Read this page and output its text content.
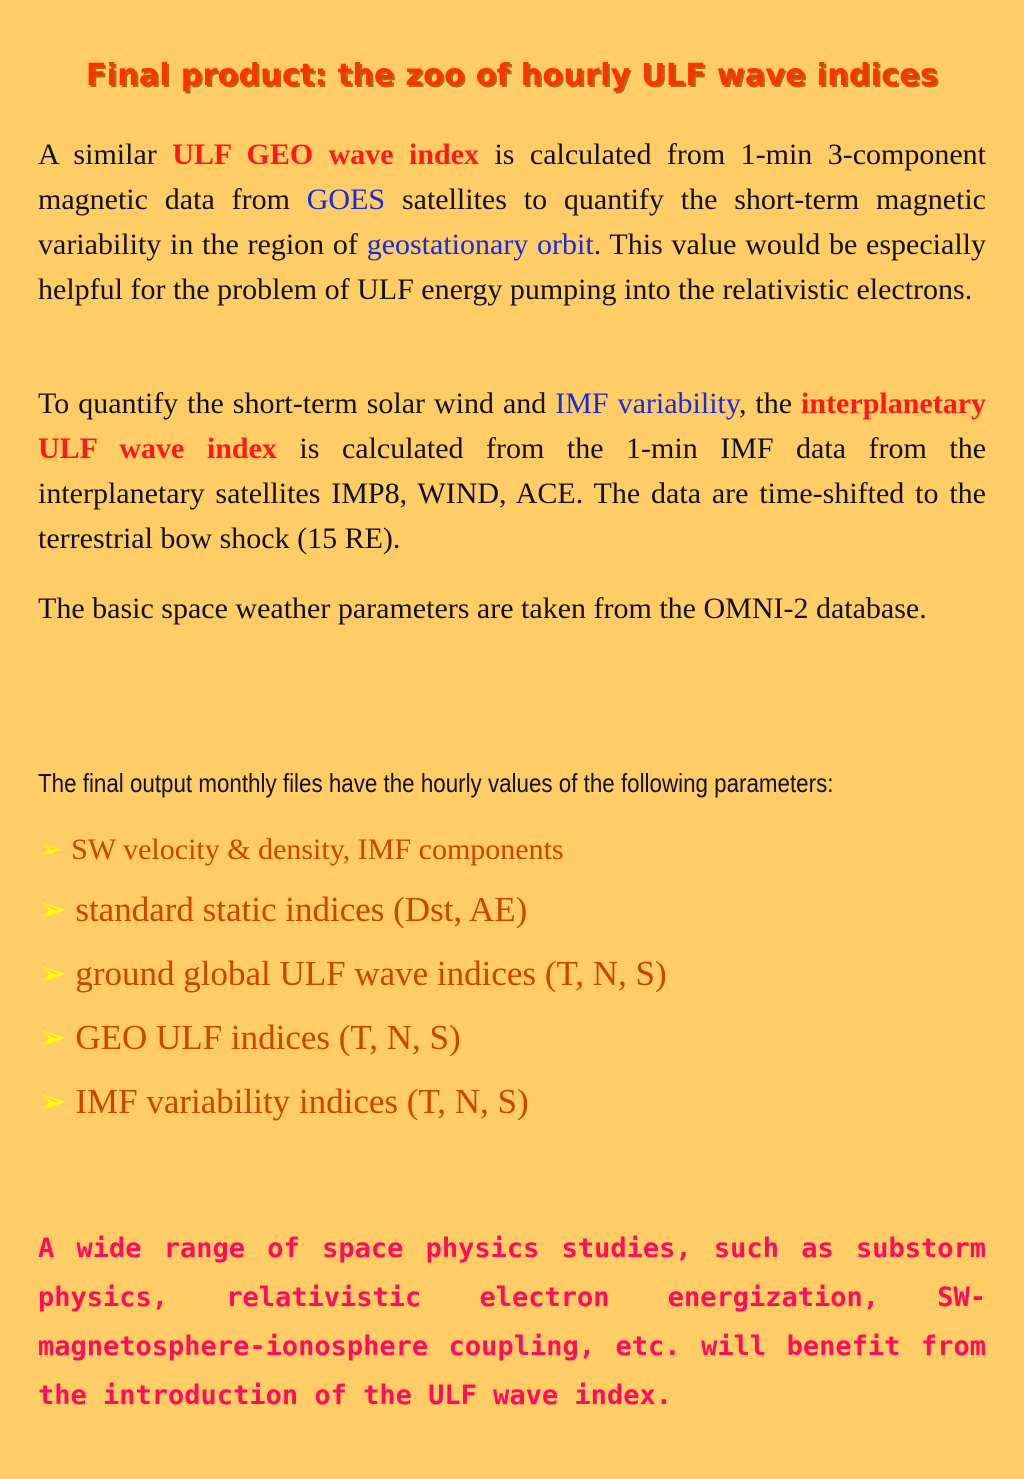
Final product: the zoo of hourly ULF wave indices
A similar ULF GEO wave index is calculated from 1-min 3-component magnetic data from GOES satellites to quantify the short-term magnetic variability in the region of geostationary orbit. This value would be especially helpful for the problem of ULF energy pumping into the relativistic electrons.
To quantify the short-term solar wind and IMF variability, the interplanetary ULF wave index is calculated from the 1-min IMF data from the interplanetary satellites IMP8, WIND, ACE. The data are time-shifted to the terrestrial bow shock (15 RE).
The basic space weather parameters are taken from the OMNI-2 database.
The final output monthly files have the hourly values of the following parameters:
➢ SW velocity & density, IMF components
➢ standard static indices (Dst, AE)
➢ ground global ULF wave indices (T, N, S)
➢ GEO ULF indices (T, N, S)
➢ IMF variability indices (T, N, S)
A wide range of space physics studies, such as substorm physics, relativistic electron energization, SW-magnetosphere-ionosphere coupling, etc. will benefit from the introduction of the ULF wave index.
